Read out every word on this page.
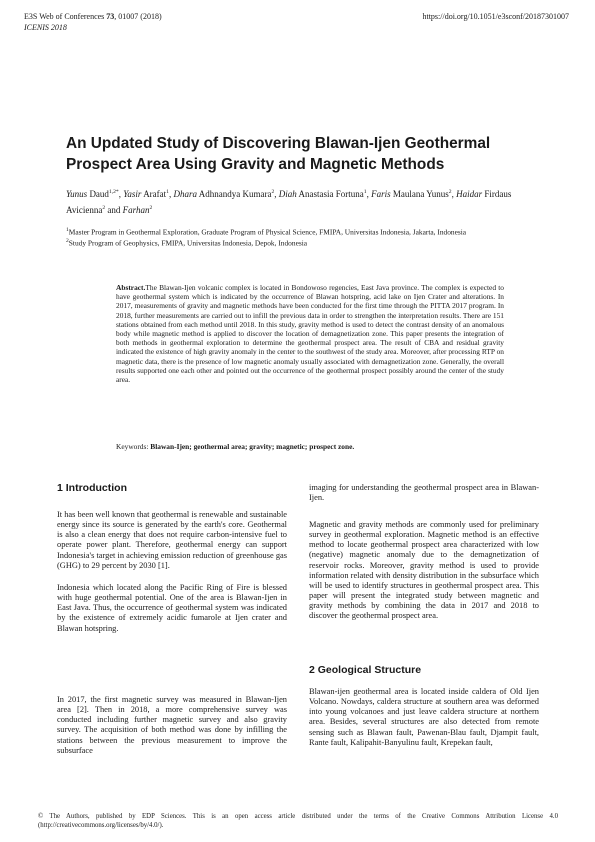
E3S Web of Conferences 73, 01007 (2018)
ICENIS 2018
https://doi.org/10.1051/e3sconf/20187301007
An Updated Study of Discovering Blawan-Ijen Geothermal Prospect Area Using Gravity and Magnetic Methods
Yunus Daud$^{1,2*}$, Yasir Arafat$^1$, Dhara Adhnandya Kumara$^2$, Diah Anastasia Fortuna$^1$, Faris Maulana Yunus$^2$, Haidar Firdaus Avicienna$^2$ and Farhan$^2$
$^1$Master Program in Geothermal Exploration, Graduate Program of Physical Science, FMIPA, Universitas Indonesia, Jakarta, Indonesia
$^2$Study Program of Geophysics, FMIPA, Universitas Indonesia, Depok, Indonesia
Abstract.The Blawan-Ijen volcanic complex is located in Bondowoso regencies, East Java province. The complex is expected to have geothermal system which is indicated by the occurrence of Blawan hotspring, acid lake on Ijen Crater and alterations. In 2017, measurements of gravity and magnetic methods have been conducted for the first time through the PITTA 2017 program. In 2018, further measurements are carried out to infill the previous data in order to strengthen the interpretation results. There are 151 stations obtained from each method until 2018. In this study, gravity method is used to detect the contrast density of an anomalous body while magnetic method is applied to discover the location of demagnetization zone. This paper presents the integration of both methods in geothermal exploration to determine the geothermal prospect area. The result of CBA and residual gravity indicated the existence of high gravity anomaly in the center to the southwest of the study area. Moreover, after processing RTP on magnetic data, there is the presence of low magnetic anomaly usually associated with demagnetization zone. Generally, the overall results supported one each other and pointed out the occurrence of the geothermal prospect possibly around the center of the study area.
Keywords: Blawan-Ijen; geothermal area; gravity; magnetic; prospect zone.
1 Introduction

It has been well known that geothermal is renewable and sustainable energy since its source is generated by the earth's core. Geothermal is also a clean energy that does not require carbon-intensive fuel to operate power plant. Therefore, geothermal energy can support Indonesia's target in achieving emission reduction of greenhouse gas (GHG) to 29 percent by 2030 [1].

Indonesia which located along the Pacific Ring of Fire is blessed with huge geothermal potential. One of the area is Blawan-Ijen in East Java. Thus, the occurrence of geothermal system was indicated by the existence of extremely acidic fumarole at Ijen crater and Blawan hotspring.

In 2017, the first magnetic survey was measured in Blawan-Ijen area [2]. Then in 2018, a more comprehensive survey was conducted including further magnetic survey and also gravity survey. The acquisition of both method was done by infilling the stations between the previous measurement to improve the subsurface

imaging for understanding the geothermal prospect area in Blawan-Ijen.

Magnetic and gravity methods are commonly used for preliminary survey in geothermal exploration. Magnetic method is an effective method to locate geothermal prospect area characterized with low (negative) magnetic anomaly due to the demagnetization of reservoir rocks. Moreover, gravity method is used to provide information related with density distribution in the subsurface which will be used to identify structures in geothermal prospect area. This paper will present the integrated study between magnetic and gravity methods by combining the data in 2017 and 2018 to discover the geothermal prospect area.

2 Geological Structure

Blawan-ijen geothermal area is located inside caldera of Old Ijen Volcano. Nowdays, caldera structure at southern area was deformed into young volcanoes and just leave caldera structure at northern area. Besides, several structures are also detected from remote sensing such as Blawan fault, Pawenan-Blau fault, Djampit fault, Rante fault, Kalipahit-Banyulinu fault, Krepekan fault,

© The Authors, published by EDP Sciences. This is an open access article distributed under the terms of the Creative Commons Attribution License 4.0 (http://creativecommons.org/licenses/by/4.0/).
